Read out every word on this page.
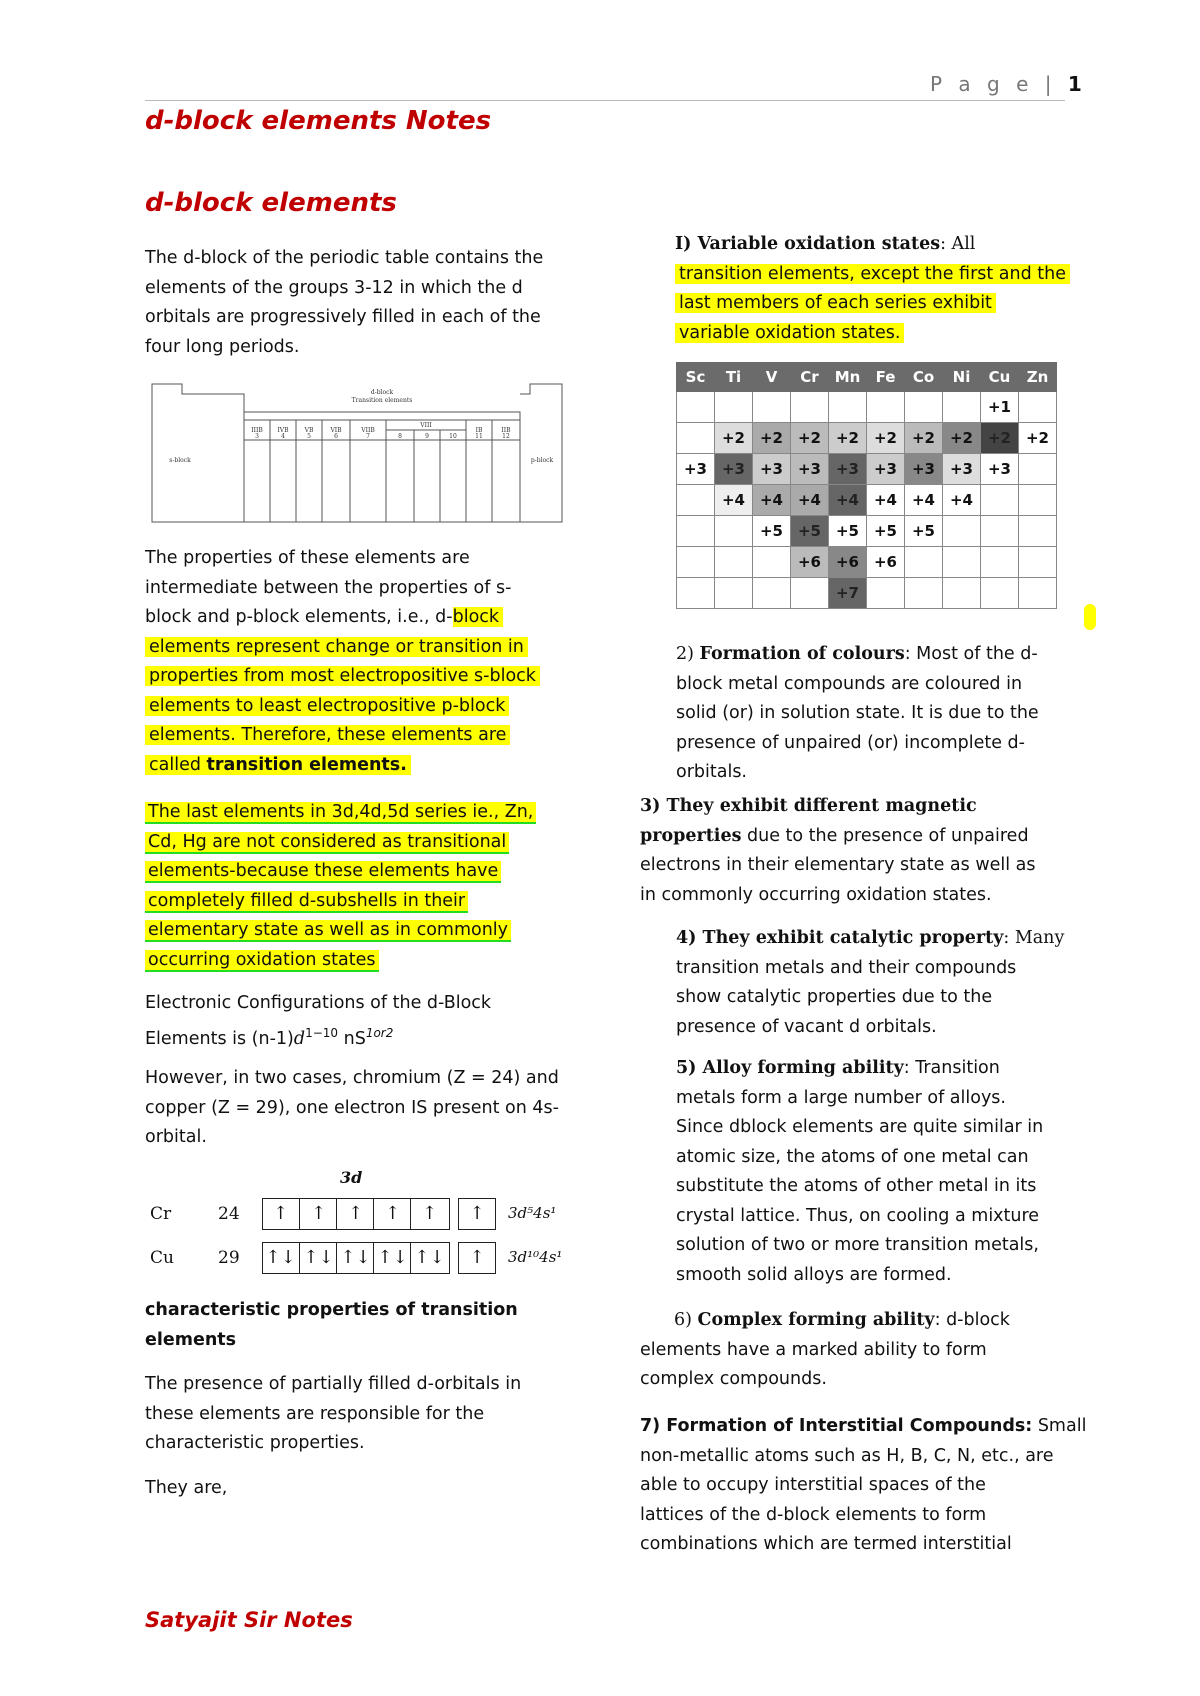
P a g e | 1
d-block elements Notes
d-block elements
The d-block of the periodic table contains the
elements of the groups 3-12 in which the d
orbitals are progressively filled in each of the
four long periods.
d-block
Transition elements
IIIB IVB	VB	VIB	VIIB
VIII
IB	IIB
3	4	5	6	7	8	9	10	11	12
s-block	p-block
The properties of these elements are
intermediate between the properties of s-
block and p-block elements, i.e., d-block
elements represent change or transition in
properties from most electropositive s-block
elements to least electropositive p-block
elements. Therefore, these elements are
called transition elements.
The last elements in 3d,4d,5d series ie., Zn,
Cd, Hg are not considered as transitional
elements-because these elements have
completely filled d-subshells in their
elementary state as well as in commonly
occurring oxidation states
Electronic Configurations of the d-Block
Elements is $(n-1)d^{1-10}$ $nS^{1or2}$
However, in two cases, chromium (Z = 24) and
copper (Z = 29), one electron IS present on 4s-
orbital.
3d
Cr	24	↑	↑	↑	↑	↑	↑	3d⁵4s¹
Cu	29 ↑↓ ↑↓ ↑↓ ↑↓ ↑↓	↑	3d¹⁰4s¹
characteristic properties of transition
elements
The presence of partially filled d-orbitals in
these elements are responsible for the
characteristic properties.
They are,
I) Variable oxidation states: All
transition elements, except the first and the
last members of each series exhibit
variable oxidation states.
Sc	Ti	V	Cr	Mn	Fe	Co	Ni	Cu	Zn
								+1	
	+2	+2	+2	+2	+2	+2	+2	+2	+2
+3	+3	+3	+3	+3	+3	+3	+3	+3	
	+4	+4	+4	+4	+4	+4	+4		
		+5	+5	+5	+5	+5			
			+6	+6	+6				
				+7					
2) Formation of colours: Most of the d-
block metal compounds are coloured in
solid (or) in solution state. It is due to the
presence of unpaired (or) incomplete d-
orbitals.
3) They exhibit different magnetic
properties due to the presence of unpaired
electrons in their elementary state as well as
in commonly occurring oxidation states.
4) They exhibit catalytic property: Many
transition metals and their compounds
show catalytic properties due to the
presence of vacant d orbitals.
5) Alloy forming ability: Transition
metals form a large number of alloys.
Since dblock elements are quite similar in
atomic size, the atoms of one metal can
substitute the atoms of other metal in its
crystal lattice. Thus, on cooling a mixture
solution of two or more transition metals,
smooth solid alloys are formed.
6) Complex forming ability: d-block
elements have a marked ability to form
complex compounds.
7) Formation of Interstitial Compounds: Small
non-metallic atoms such as H, B, C, N, etc., are
able to occupy interstitial spaces of the
lattices of the d-block elements to form
combinations which are termed interstitial
Satyajit Sir Notes
